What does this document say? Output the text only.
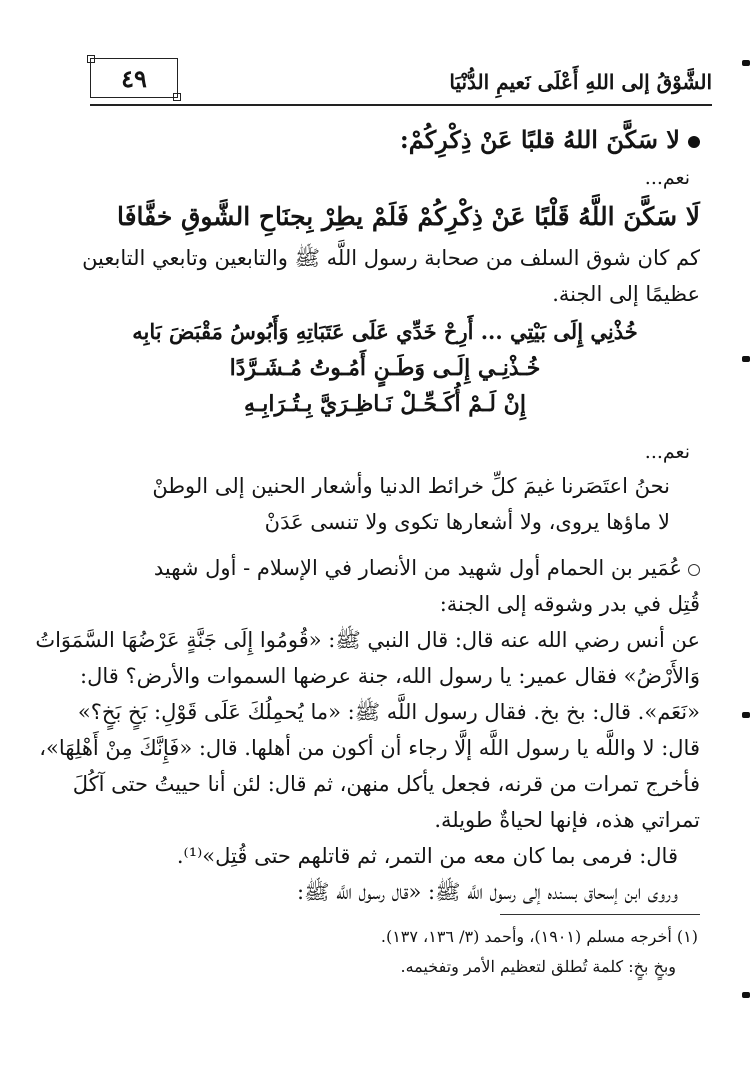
٤٩	الشَّوْقُ إلى اللهِ أَعْلَى نَعيمِ الدُّنْيَا
لا سَكَّنَ اللهُ قلبًا عَنْ ذِكْرِكُمْ:
نعم...
لَا سَكَّنَ اللَّهُ قَلْبًا عَنْ ذِكْرِكُمْ فَلَمْ يطِرْ بِجنَاحِ الشَّوقِ خفَّافَا
كم كان شوق السلف من صحابة رسول اللَّه ﷺ والتابعين وتابعي التابعين
عظيمًا إلى الجنة.
خُذْنِي إِلَى بَيْتِي ... أَرِحْ خَدِّي عَلَى عَتَبَاتِهِ وَأَبُوسُ مَقْبَضَ بَابِه
خُـذْنِـي إِلَـى وَطَـنٍ أَمُـوتُ مُـشَـرَّدًا
إِنْ لَـمْ أُكَـحِّـلْ نَـاظِـرَيَّ بِـتُـرَابِـهِ
نعم...
نحنُ اعتَصَرنا غيمَ كلِّ خرائط الدنيا وأشعار الحنين إلى الوطنْ
لا ماؤها يروى، ولا أشعارها تكوى ولا تنسى عَدَنْ
عُمَير بن الحمام أول شهيد من الأنصار في الإسلام - أول شهيد
قُتِل في بدر وشوقه إلى الجنة:
عن أنس رضي الله عنه قال: قال النبي ﷺ: «قُومُوا إِلَى جَنَّةٍ عَرْضُهَا السَّمَوَاتُ
وَالأَرْضُ» فقال عمير: يا رسول الله، جنة عرضها السموات والأرض؟ قال:
«نَعَم». قال: بخ بخ. فقال رسول اللَّه ﷺ: «ما يُحمِلُكَ عَلَى قَوْلِ: بَخٍ بَخٍ؟»
قال: لا واللَّه يا رسول اللَّه إلَّا رجاء أن أكون من أهلها. قال: «فَإِنَّكَ مِنْ أَهْلِهَا»،
فأخرج تمرات من قرنه، فجعل يأكل منهن، ثم قال: لئن أنا حييتُ حتى آكُلَ
تمراتي هذه، فإنها لحياةٌ طويلة.
قال: فرمى بما كان معه من التمر، ثم قاتلهم حتى قُتِل»⁽¹⁾.
وروى ابن إسحاق بسنده إلى رسول اللَّه ﷺ: «قال رسول اللَّه ﷺ:
(١) أخرجه مسلم (١٩٠١)، وأحمد (٣/ ١٣٦، ١٣٧).
وبخٍ بخٍ: كلمة تُطلق لتعظيم الأمر وتفخيمه.
